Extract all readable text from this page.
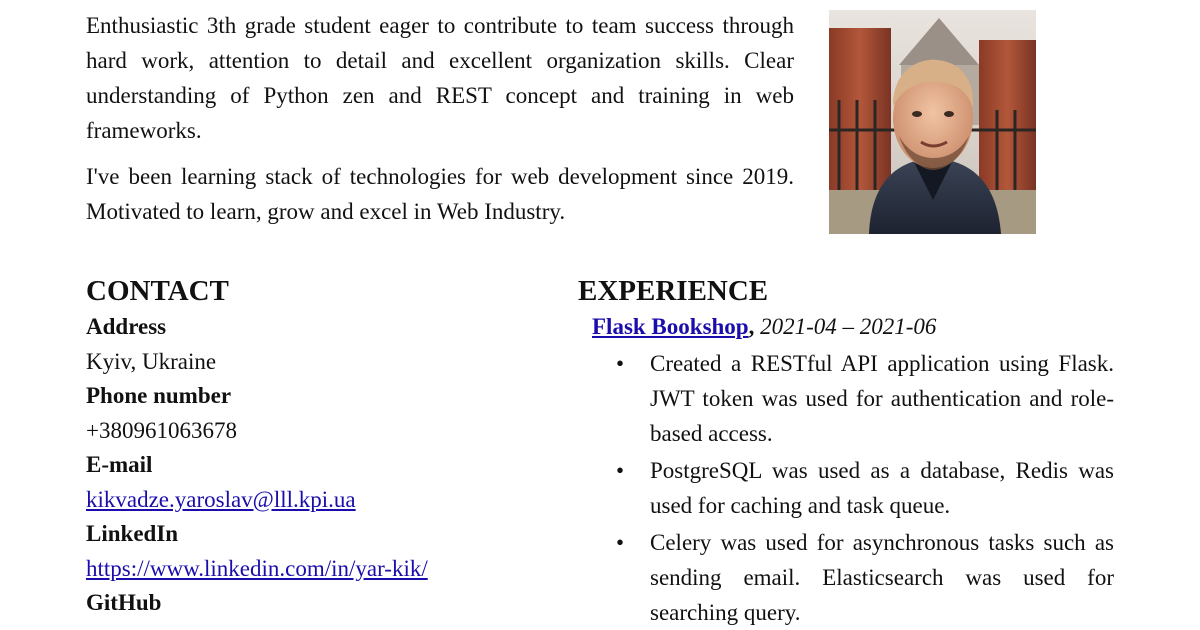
Enthusiastic 3th grade student eager to contribute to team success through hard work, attention to detail and excellent organization skills. Clear understanding of Python zen and REST concept and training in web frameworks.

I've been learning stack of technologies for web development since 2019. Motivated to learn, grow and excel in Web Industry.

CONTACT
Address
Kyiv, Ukraine
Phone number
+380961063678
E-mail
kikvadze.yaroslav@lll.kpi.ua
LinkedIn
https://www.linkedin.com/in/yar-kik/
GitHub
EXPERIENCE
Flask Bookshop, 2021-04 – 2021-06
• Created a RESTful API application using Flask. JWT token was used for authentication and role-based access.
• PostgreSQL was used as a database, Redis was used for caching and task queue.
• Celery was used for asynchronous tasks such as sending email. Elasticsearch was used for searching query.
